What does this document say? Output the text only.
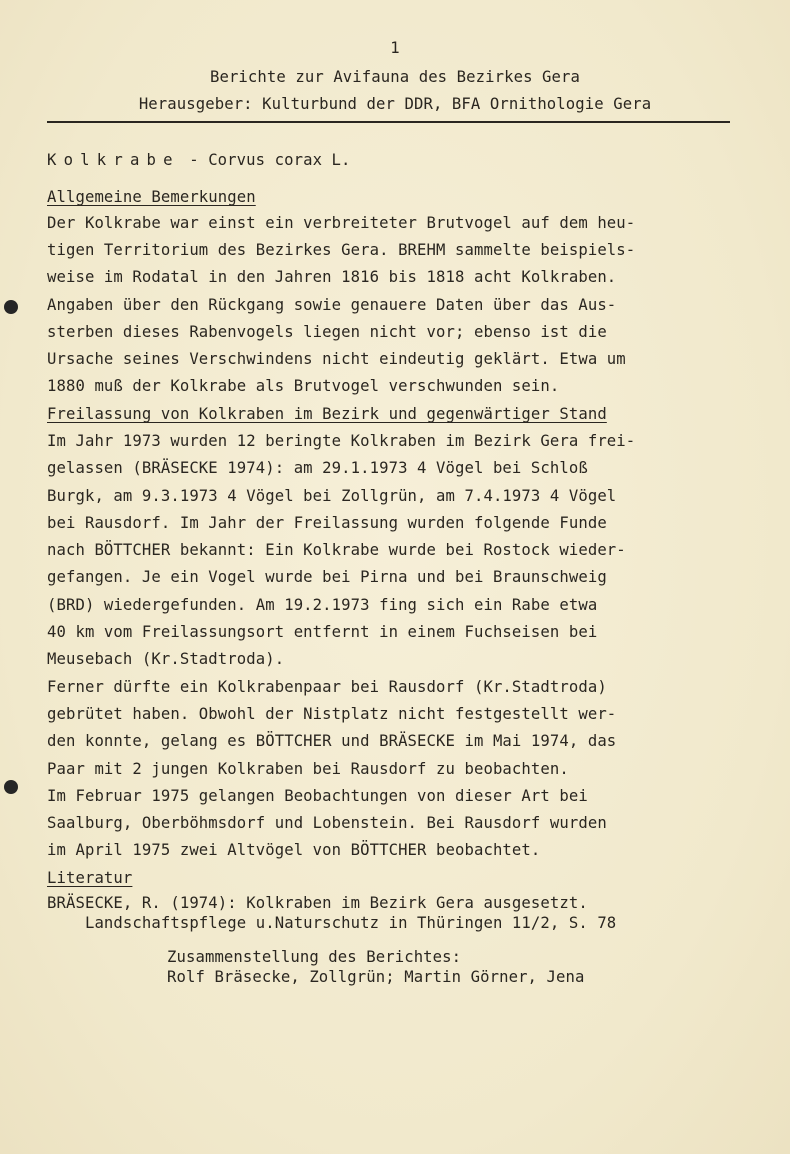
1
Berichte zur Avifauna des Bezirkes Gera
Herausgeber: Kulturbund der DDR, BFA Ornithologie Gera
Kolkrabe - Corvus corax L.
Allgemeine Bemerkungen
Der Kolkrabe war einst ein verbreiteter Brutvogel auf dem heu-
tigen Territorium des Bezirkes Gera. BREHM sammelte beispiels-
weise im Rodatal in den Jahren 1816 bis 1818 acht Kolkraben.
Angaben über den Rückgang sowie genauere Daten über das Aus-
sterben dieses Rabenvogels liegen nicht vor; ebenso ist die
Ursache seines Verschwindens nicht eindeutig geklärt. Etwa um
1880 muß der Kolkrabe als Brutvogel verschwunden sein.
Freilassung von Kolkraben im Bezirk und gegenwärtiger Stand
Im Jahr 1973 wurden 12 beringte Kolkraben im Bezirk Gera frei-
gelassen (BRÄSECKE 1974): am 29.1.1973 4 Vögel bei Schloß
Burgk, am 9.3.1973 4 Vögel bei Zollgrün, am 7.4.1973 4 Vögel
bei Rausdorf. Im Jahr der Freilassung wurden folgende Funde
nach BÖTTCHER bekannt: Ein Kolkrabe wurde bei Rostock wieder-
gefangen. Je ein Vogel wurde bei Pirna und bei Braunschweig
(BRD) wiedergefunden. Am 19.2.1973 fing sich ein Rabe etwa
40 km vom Freilassungsort entfernt in einem Fuchseisen bei
Meusebach (Kr.Stadtroda).
Ferner dürfte ein Kolkrabenpaar bei Rausdorf (Kr.Stadtroda)
gebrütet haben. Obwohl der Nistplatz nicht festgestellt wer-
den konnte, gelang es BÖTTCHER und BRÄSECKE im Mai 1974, das
Paar mit 2 jungen Kolkraben bei Rausdorf zu beobachten.
Im Februar 1975 gelangen Beobachtungen von dieser Art bei
Saalburg, Oberböhmsdorf und Lobenstein. Bei Rausdorf wurden
im April 1975 zwei Altvögel von BÖTTCHER beobachtet.
Literatur
BRÄSECKE, R. (1974): Kolkraben im Bezirk Gera ausgesetzt.
Landschaftspflege u.Naturschutz in Thüringen 11/2, S. 78
Zusammenstellung des Berichtes:
Rolf Bräsecke, Zollgrün; Martin Görner, Jena
